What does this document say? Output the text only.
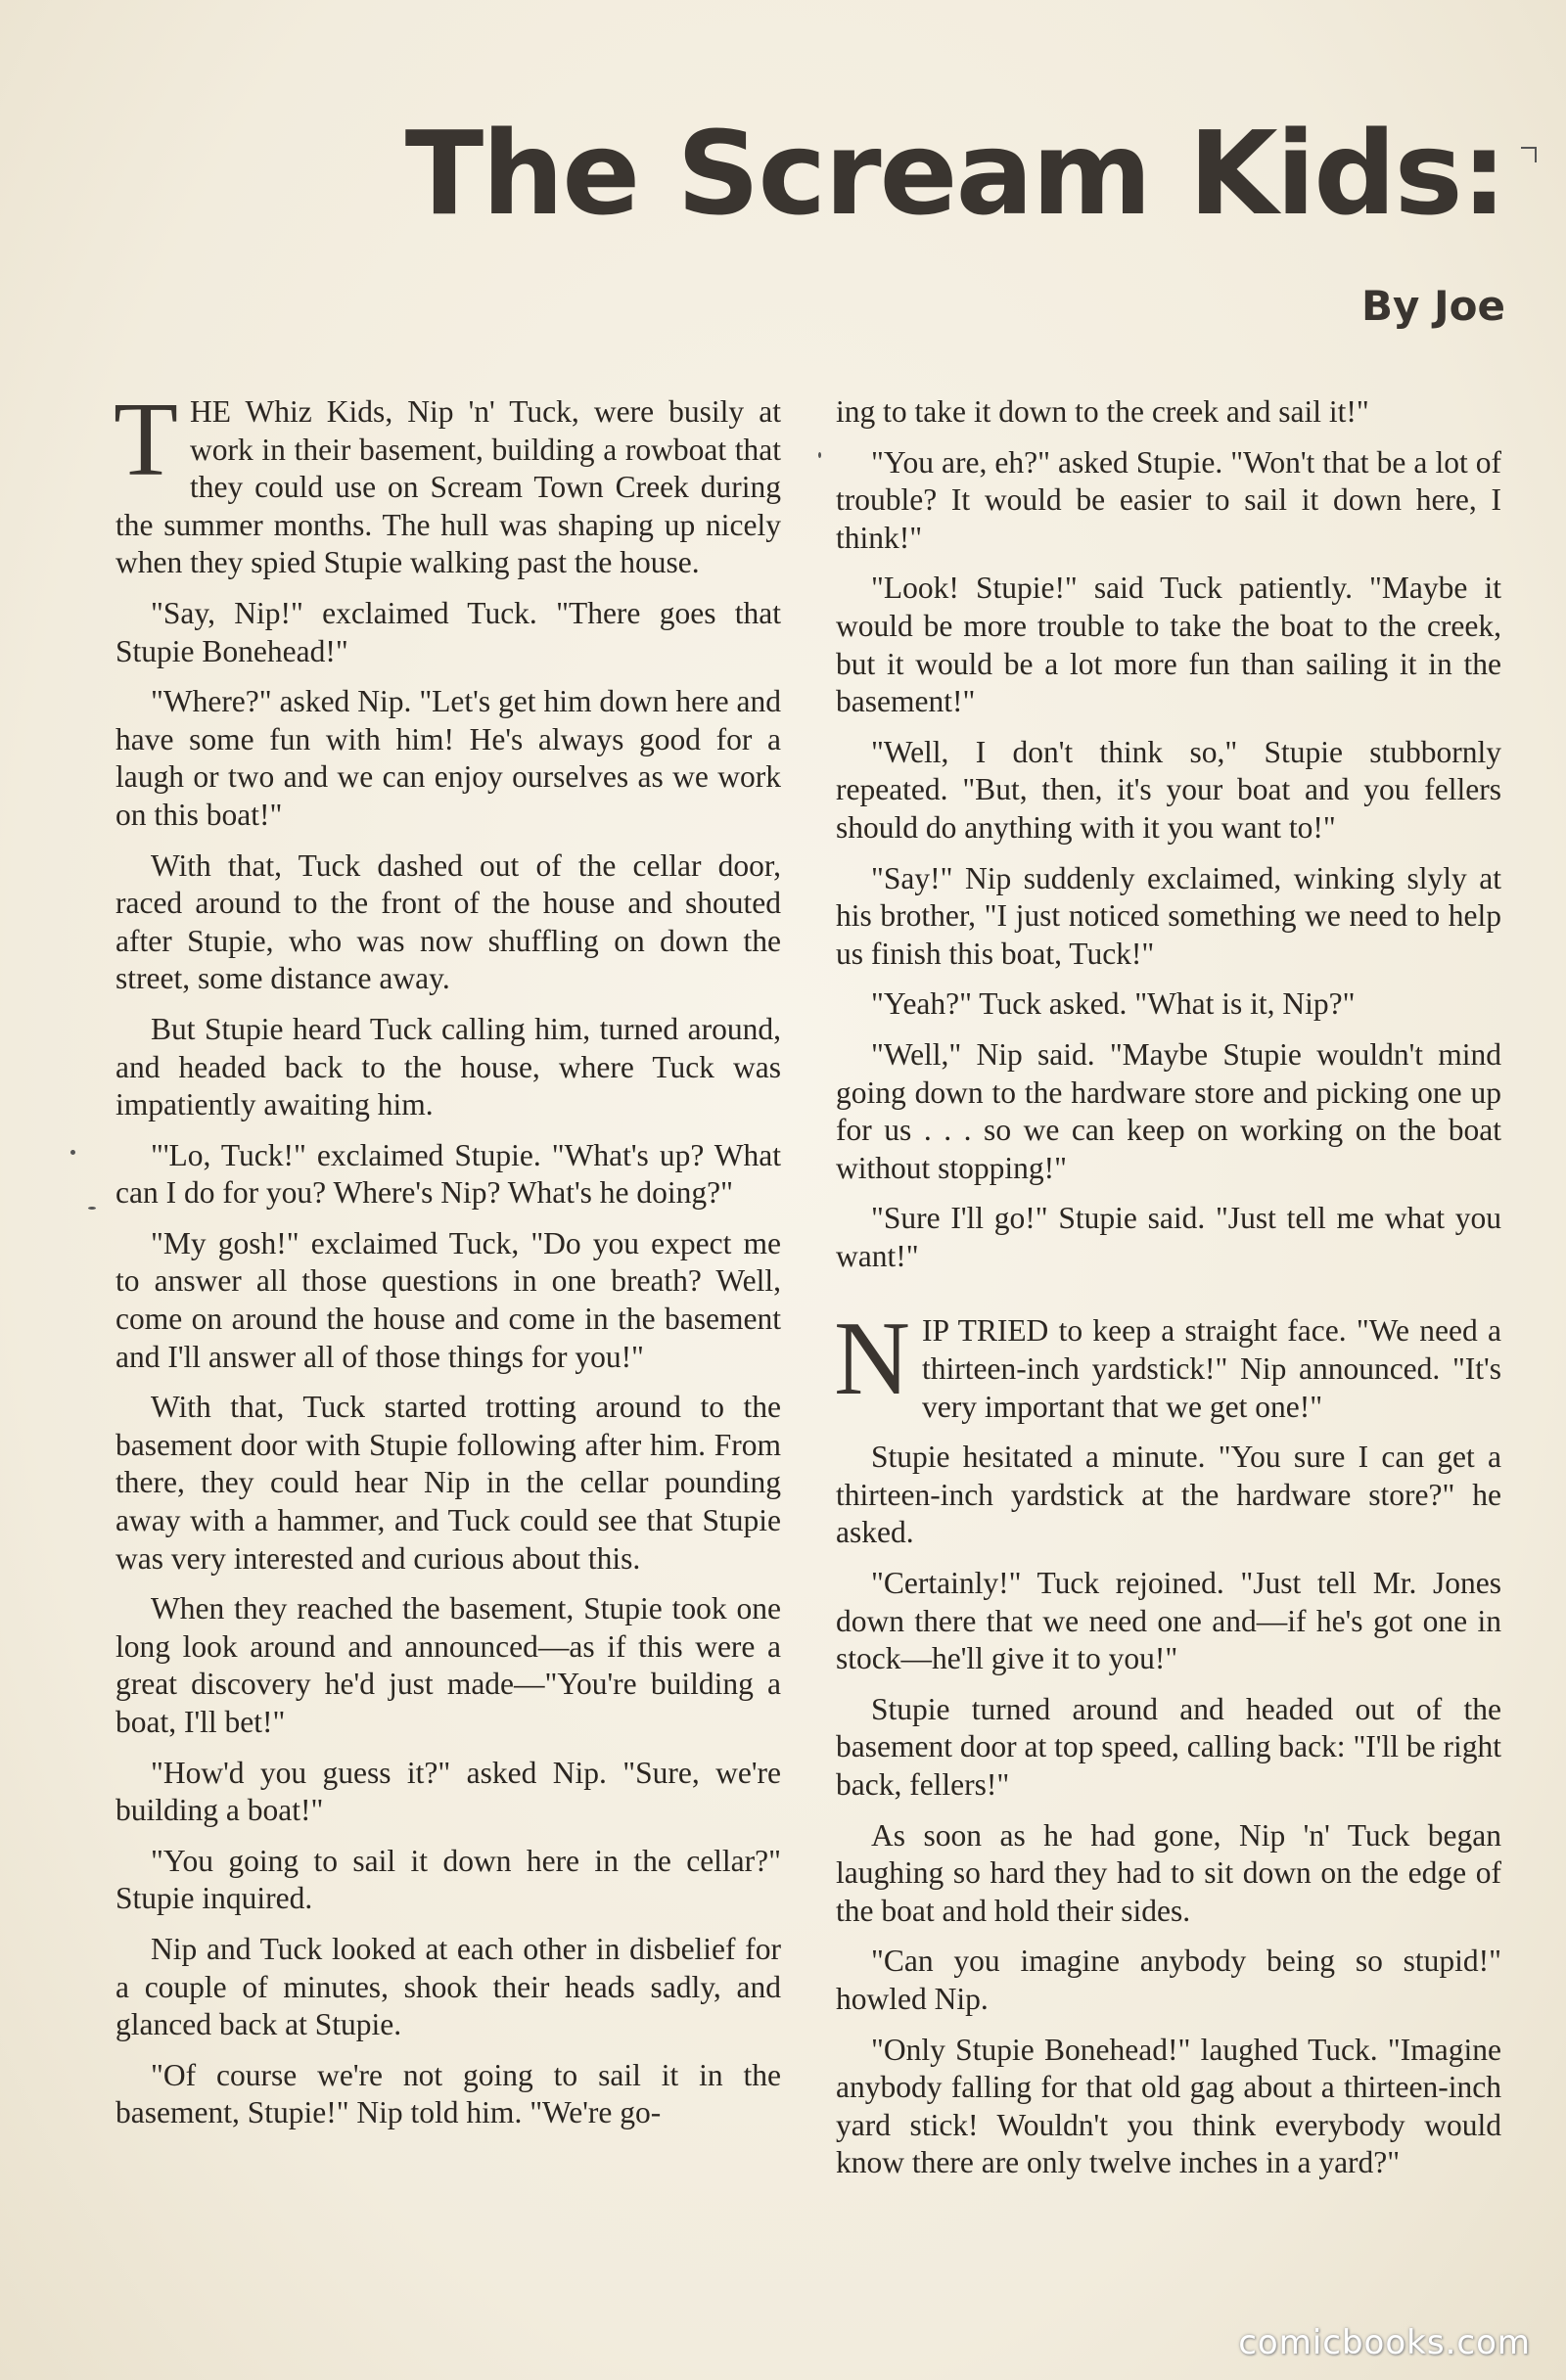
The Scream Kids:
By Joe

THE Whiz Kids, Nip 'n' Tuck, were busily at work in their basement, building a rowboat that they could use on Scream Town Creek during the summer months. The hull was shaping up nicely when they spied Stupie walking past the house.

"Say, Nip!" exclaimed Tuck. "There goes that Stupie Bonehead!"

"Where?" asked Nip. "Let's get him down here and have some fun with him! He's always good for a laugh or two and we can enjoy ourselves as we work on this boat!"

With that, Tuck dashed out of the cellar door, raced around to the front of the house and shouted after Stupie, who was now shuffling on down the street, some distance away.

But Stupie heard Tuck calling him, turned around, and headed back to the house, where Tuck was impatiently awaiting him.

"'Lo, Tuck!" exclaimed Stupie. "What's up? What can I do for you? Where's Nip? What's he doing?"

"My gosh!" exclaimed Tuck, "Do you expect me to answer all those questions in one breath? Well, come on around the house and come in the basement and I'll answer all of those things for you!"

With that, Tuck started trotting around to the basement door with Stupie following after him. From there, they could hear Nip in the cellar pounding away with a hammer, and Tuck could see that Stupie was very interested and curious about this.

When they reached the basement, Stupie took one long look around and announced—as if this were a great discovery he'd just made—"You're building a boat, I'll bet!"

"How'd you guess it?" asked Nip. "Sure, we're building a boat!"

"You going to sail it down here in the cellar?" Stupie inquired.

Nip and Tuck looked at each other in disbelief for a couple of minutes, shook their heads sadly, and glanced back at Stupie.

"Of course we're not going to sail it in the basement, Stupie!" Nip told him. "We're go-

ing to take it down to the creek and sail it!"

"You are, eh?" asked Stupie. "Won't that be a lot of trouble? It would be easier to sail it down here, I think!"

"Look! Stupie!" said Tuck patiently. "Maybe it would be more trouble to take the boat to the creek, but it would be a lot more fun than sailing it in the basement!"

"Well, I don't think so," Stupie stubbornly repeated. "But, then, it's your boat and you fellers should do anything with it you want to!"

"Say!" Nip suddenly exclaimed, winking slyly at his brother, "I just noticed something we need to help us finish this boat, Tuck!"

"Yeah?" Tuck asked. "What is it, Nip?"

"Well," Nip said. "Maybe Stupie wouldn't mind going down to the hardware store and picking one up for us . . . so we can keep on working on the boat without stopping!"

"Sure I'll go!" Stupie said. "Just tell me what you want!"

NIP TRIED to keep a straight face. "We need a thirteen-inch yardstick!" Nip announced. "It's very important that we get one!"

Stupie hesitated a minute. "You sure I can get a thirteen-inch yardstick at the hardware store?" he asked.

"Certainly!" Tuck rejoined. "Just tell Mr. Jones down there that we need one and—if he's got one in stock—he'll give it to you!"

Stupie turned around and headed out of the basement door at top speed, calling back: "I'll be right back, fellers!"

As soon as he had gone, Nip 'n' Tuck began laughing so hard they had to sit down on the edge of the boat and hold their sides.

"Can you imagine anybody being so stupid!" howled Nip.

"Only Stupie Bonehead!" laughed Tuck. "Imagine anybody falling for that old gag about a thirteen-inch yard stick! Wouldn't you think everybody would know there are only twelve inches in a yard?"

comicbooks.com
